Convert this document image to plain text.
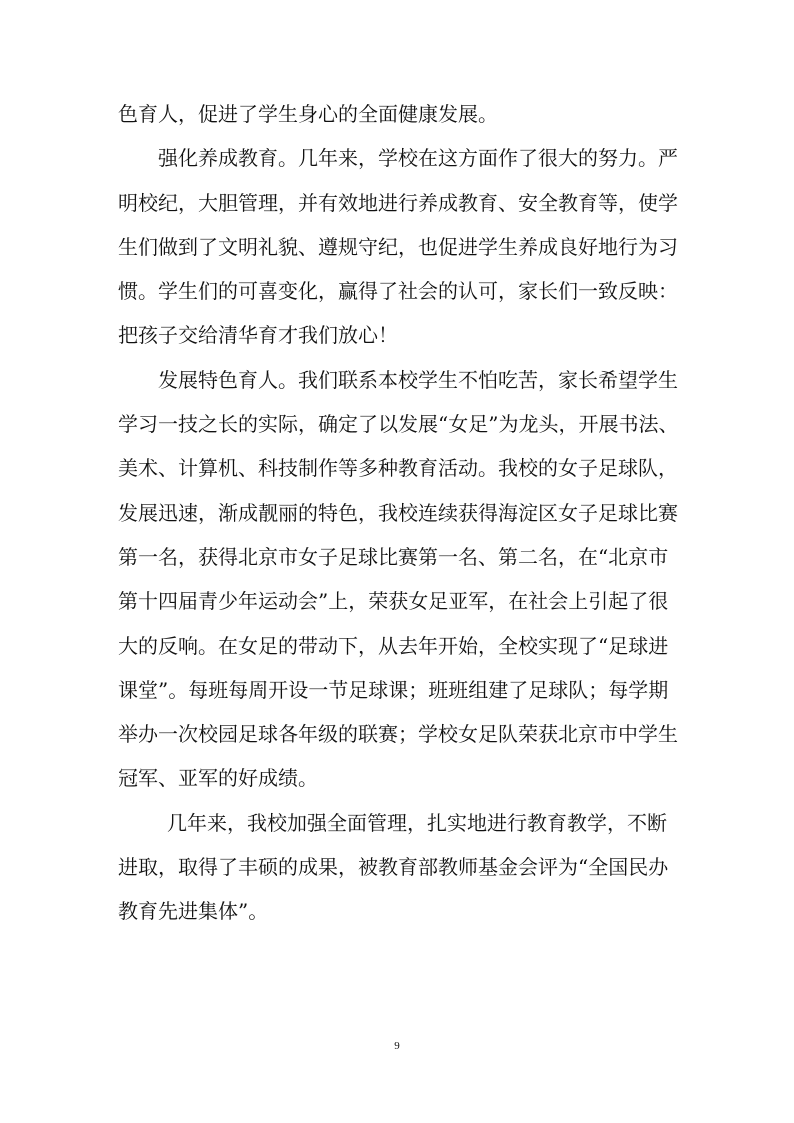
色育人，促进了学生身心的全面健康发展。
强化养成教育。几年来，学校在这方面作了很大的努力。严
明校纪，大胆管理，并有效地进行养成教育、安全教育等，使学
生们做到了文明礼貌、遵规守纪，也促进学生养成良好地行为习
惯。学生们的可喜变化，赢得了社会的认可，家长们一致反映：
把孩子交给清华育才我们放心！
发展特色育人。我们联系本校学生不怕吃苦，家长希望学生
学习一技之长的实际，确定了以发展“女足”为龙头，开展书法、
美术、计算机、科技制作等多种教育活动。我校的女子足球队，
发展迅速，渐成靓丽的特色，我校连续获得海淀区女子足球比赛
第一名，获得北京市女子足球比赛第一名、第二名，在“北京市
第十四届青少年运动会”上，荣获女足亚军，在社会上引起了很
大的反响。在女足的带动下，从去年开始，全校实现了“足球进
课堂”。每班每周开设一节足球课；班班组建了足球队；每学期
举办一次校园足球各年级的联赛；学校女足队荣获北京市中学生
冠军、亚军的好成绩。
几年来，我校加强全面管理，扎实地进行教育教学，不断
进取，取得了丰硕的成果，被教育部教师基金会评为“全国民办
教育先进集体”。
9
